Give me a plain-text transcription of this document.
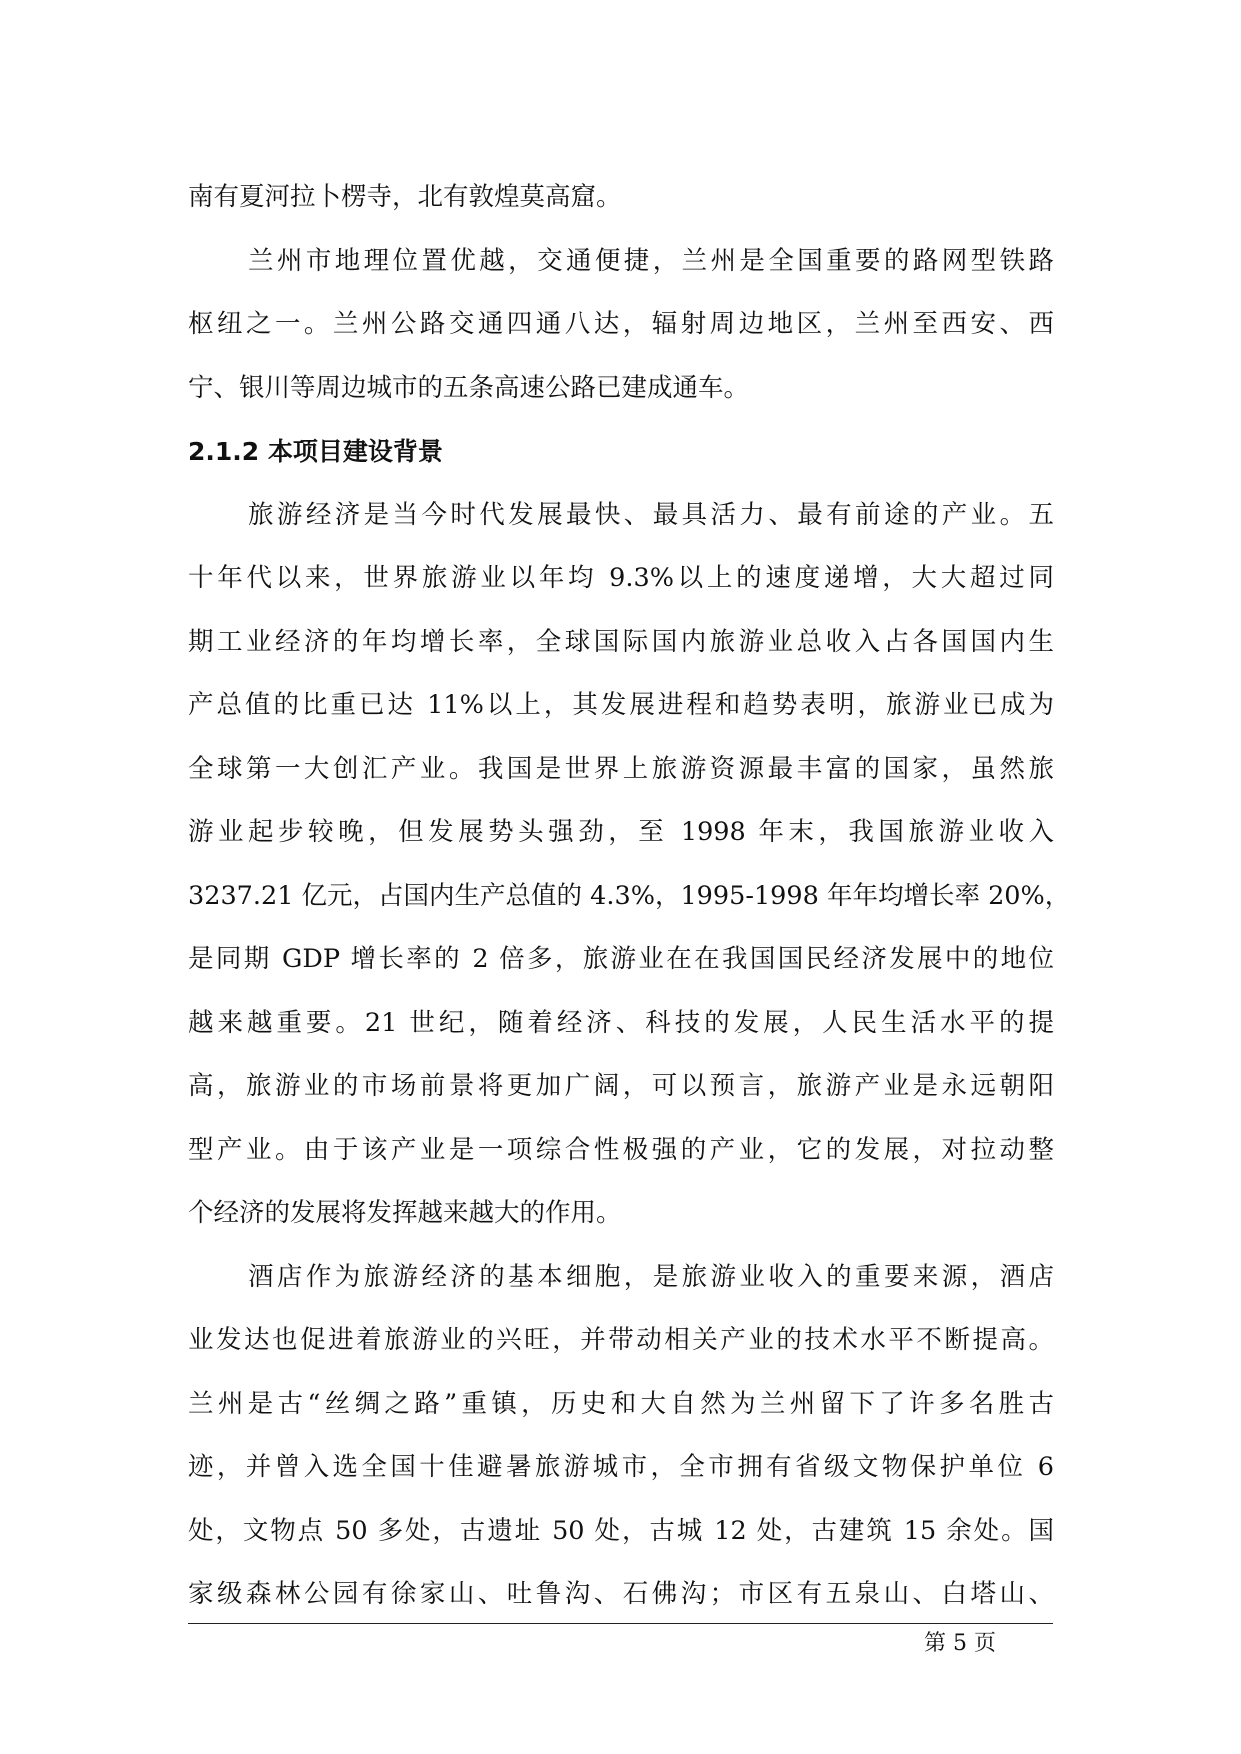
南有夏河拉卜楞寺，北有敦煌莫高窟。
兰州市地理位置优越，交通便捷，兰州是全国重要的路网型铁路
枢纽之一。兰州公路交通四通八达，辐射周边地区，兰州至西安、西
宁、银川等周边城市的五条高速公路已建成通车。
2.1.2 本项目建设背景
旅游经济是当今时代发展最快、最具活力、最有前途的产业。五
十年代以来，世界旅游业以年均 9.3%以上的速度递增，大大超过同
期工业经济的年均增长率，全球国际国内旅游业总收入占各国国内生
产总值的比重已达 11%以上，其发展进程和趋势表明，旅游业已成为
全球第一大创汇产业。我国是世界上旅游资源最丰富的国家，虽然旅
游业起步较晚，但发展势头强劲，至 1998 年末，我国旅游业收入
3237.21 亿元，占国内生产总值的 4.3%，1995-1998 年年均增长率 20%，
是同期 GDP 增长率的 2 倍多，旅游业在在我国国民经济发展中的地位
越来越重要。21 世纪，随着经济、科技的发展，人民生活水平的提
高，旅游业的市场前景将更加广阔，可以预言，旅游产业是永远朝阳
型产业。由于该产业是一项综合性极强的产业，它的发展，对拉动整
个经济的发展将发挥越来越大的作用。
酒店作为旅游经济的基本细胞，是旅游业收入的重要来源，酒店
业发达也促进着旅游业的兴旺，并带动相关产业的技术水平不断提高。
兰州是古“丝绸之路”重镇，历史和大自然为兰州留下了许多名胜古
迹，并曾入选全国十佳避暑旅游城市，全市拥有省级文物保护单位 6
处，文物点 50 多处，古遗址 50 处，古城 12 处，古建筑 15 余处。国
家级森林公园有徐家山、吐鲁沟、石佛沟；市区有五泉山、白塔山、
第 5 页
